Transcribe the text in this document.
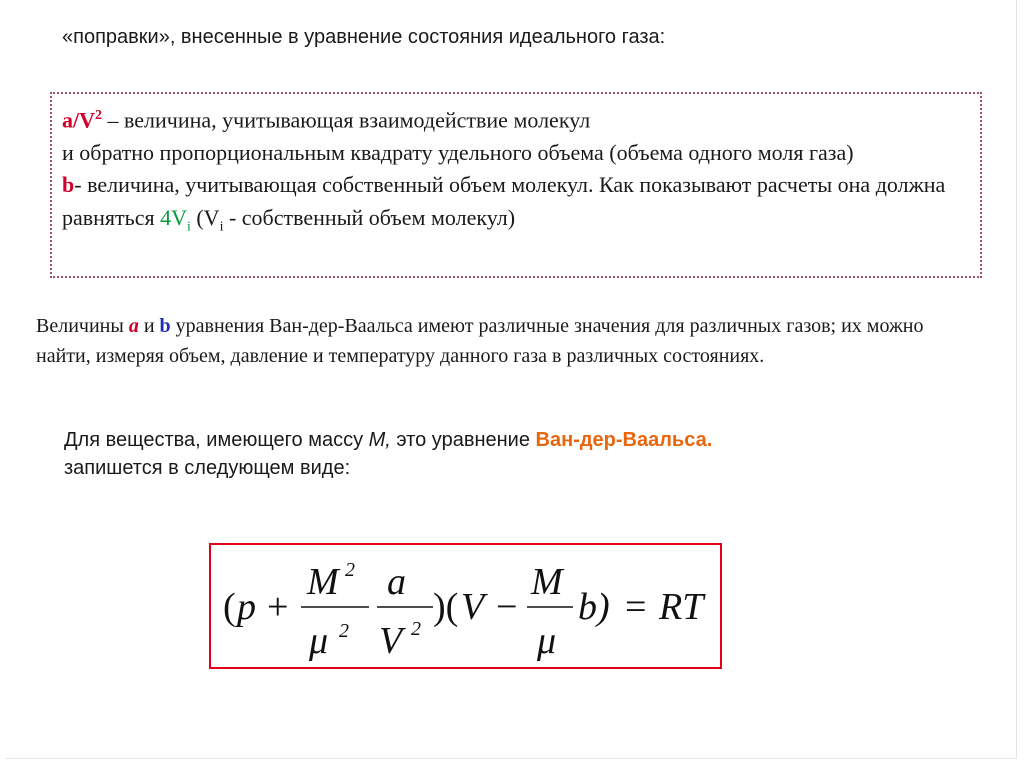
«поправки», внесенные в уравнение состояния идеального газа:
$a/V^2$ – величина, учитывающая взаимодействие молекул
и обратно пропорциональным квадрату удельного объема (объема одного моля газа)
b- величина, учитывающая собственный объем молекул. Как показывают расчеты она должна равняться $4V_i$ ($V_i$ - собственный объем молекул)
Величины a и b уравнения Ван-дер-Ваальса имеют различные значения для различных газов; их можно найти, измеряя объем, давление и температуру данного газа в различных состояниях.
Для вещества, имеющего массу M, это уравнение Ван-дер-Ваальса.
запишется в следующем виде:
( p +
M 2
μ 2
a
V 2
)( V −
M
μ
b) = RT
